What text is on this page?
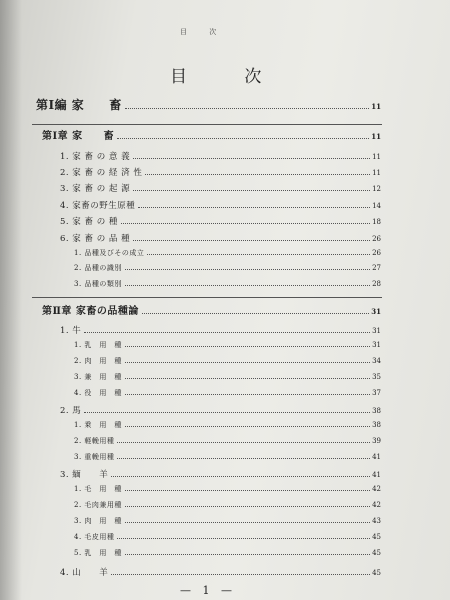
目 次
目 次
第Ⅰ編 家　　畜	11
第Ⅰ章 家　　畜	11
1. 家 畜 の 意 義	11
2. 家 畜 の 経 済 性	11
3. 家 畜 の 起 源	12
4. 家畜の野生原種	14
5. 家 畜 の 種	18
6. 家 畜 の 品 種	26
1. 品種及びその成立	26
2. 品種の識別	27
3. 品種の類別	28
第Ⅱ章 家畜の品種論	31
1. 牛	31
1. 乳　用　種	31
2. 肉　用　種	34
3. 兼　用　種	35
4. 役　用　種	37
2. 馬	38
1. 乗　用　種	38
2. 軽輓用種	39
3. 重輓用種	41
3. 緬　　羊	41
1. 毛　用　種	42
2. 毛肉兼用種	42
3. 肉　用　種	43
4. 毛皮用種	45
5. 乳　用　種	45
4. 山　　羊	45
— 1 —
